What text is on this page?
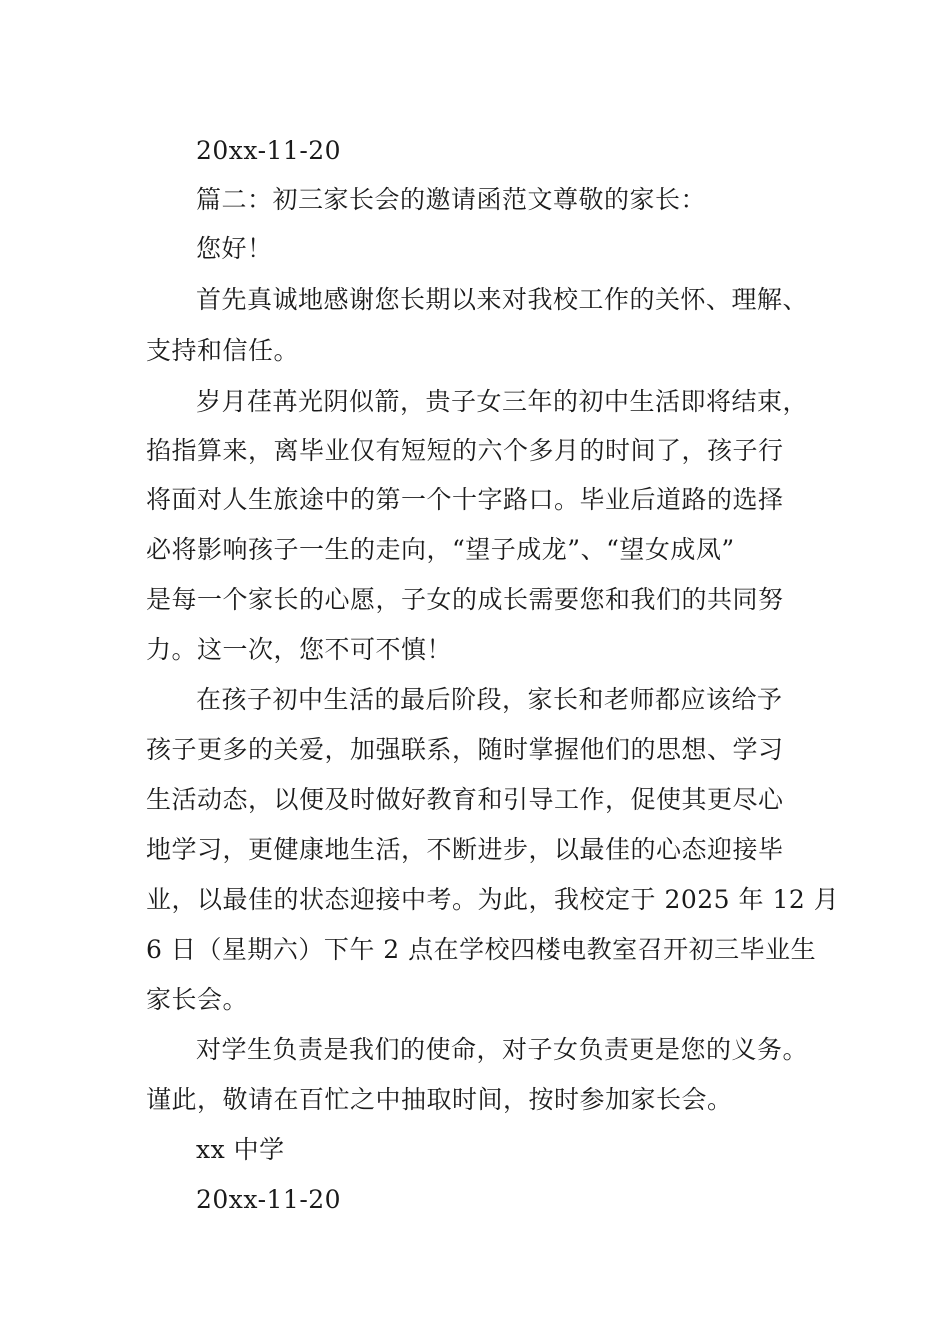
20xx-11-20
篇二：初三家长会的邀请函范文尊敬的家长：
您好！
首先真诚地感谢您长期以来对我校工作的关怀、理解、
支持和信任。
岁月荏苒光阴似箭，贵子女三年的初中生活即将结束，
掐指算来，离毕业仅有短短的六个多月的时间了，孩子行
将面对人生旅途中的第一个十字路口。毕业后道路的选择
必将影响孩子一生的走向，“望子成龙”、“望女成凤”
是每一个家长的心愿，子女的成长需要您和我们的共同努
力。这一次，您不可不慎！
在孩子初中生活的最后阶段，家长和老师都应该给予
孩子更多的关爱，加强联系，随时掌握他们的思想、学习
生活动态，以便及时做好教育和引导工作，促使其更尽心
地学习，更健康地生活，不断进步，以最佳的心态迎接毕
业，以最佳的状态迎接中考。为此，我校定于 2025 年 12 月
6 日（星期六）下午 2 点在学校四楼电教室召开初三毕业生
家长会。
对学生负责是我们的使命，对子女负责更是您的义务。
谨此，敬请在百忙之中抽取时间，按时参加家长会。
xx 中学
20xx-11-20
